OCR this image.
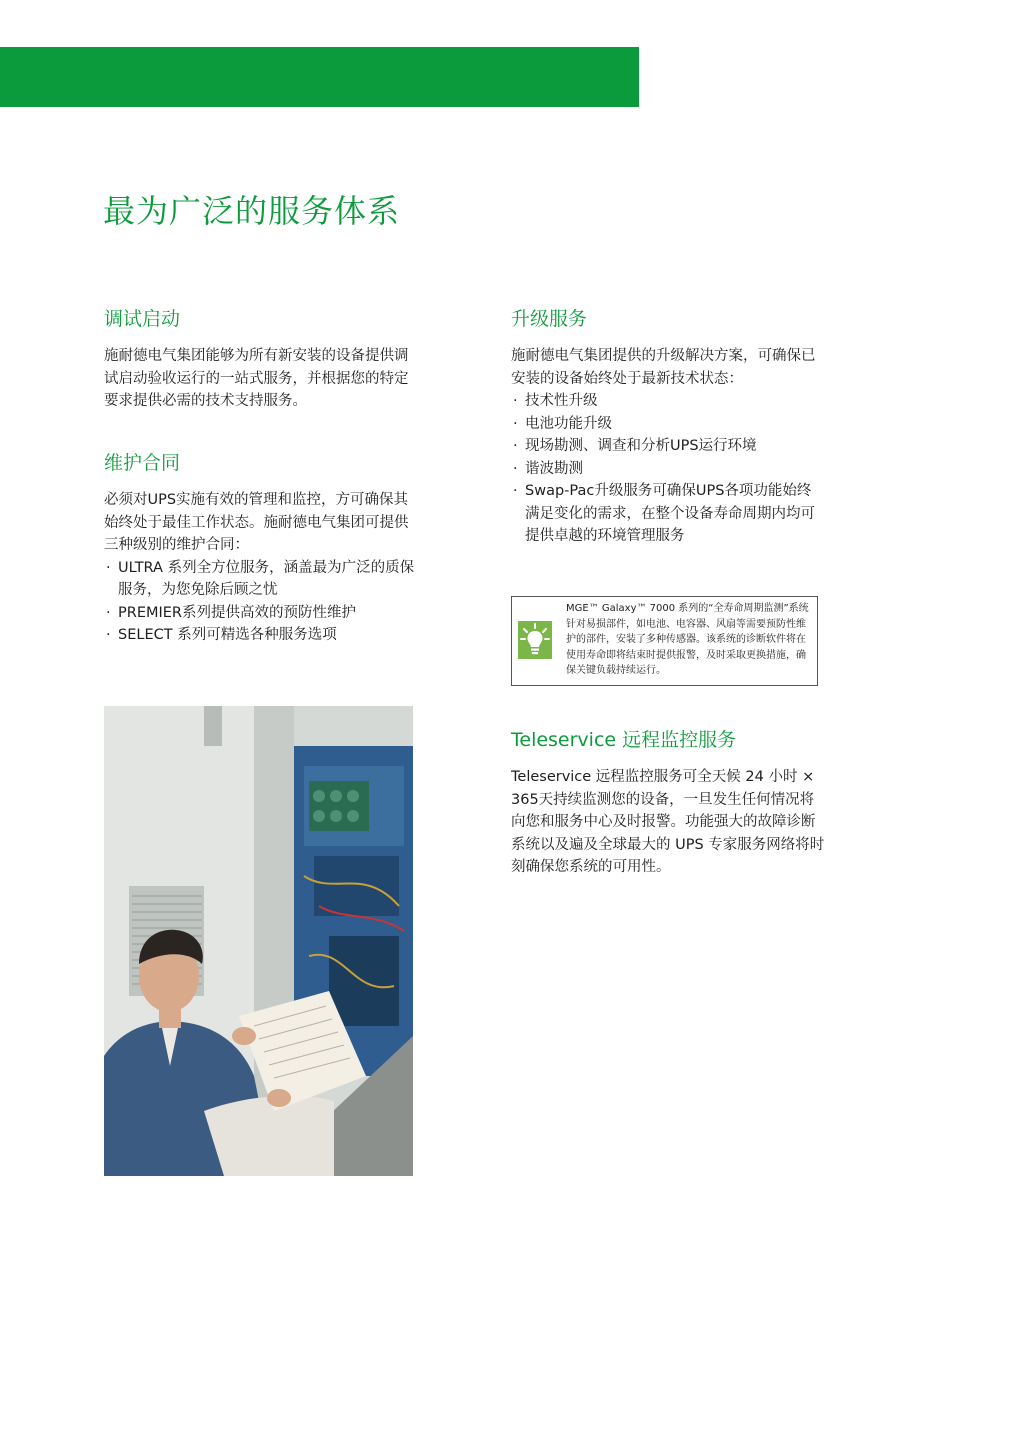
最为广泛的服务体系
调试启动

施耐德电气集团能够为所有新安装的设备提供调试启动验收运行的一站式服务，并根据您的特定要求提供必需的技术支持服务。

维护合同

必须对UPS实施有效的管理和监控，方可确保其始终处于最佳工作状态。施耐德电气集团可提供三种级别的维护合同：

· ULTRA 系列全方位服务，涵盖最为广泛的质保服务，为您免除后顾之忧
· PREMIER系列提供高效的预防性维护
· SELECT 系列可精选各种服务选项
升级服务

施耐德电气集团提供的升级解决方案，可确保已安装的设备始终处于最新技术状态：

· 技术性升级
· 电池功能升级
· 现场勘测、调查和分析UPS运行环境
· 谐波勘测
· Swap-Pac升级服务可确保UPS各项功能始终满足变化的需求，在整个设备寿命周期内均可提供卓越的环境管理服务
MGE™ Galaxy™ 7000 系列的“全寿命周期监测”系统针对易损部件，如电池、电容器、风扇等需要预防性维护的部件，安装了多种传感器。该系统的诊断软件将在使用寿命即将结束时提供报警，及时采取更换措施，确保关键负载持续运行。
Teleservice 远程监控服务

Teleservice 远程监控服务可全天候 24 小时 × 365天持续监测您的设备，一旦发生任何情况将向您和服务中心及时报警。功能强大的故障诊断系统以及遍及全球最大的 UPS 专家服务网络将时刻确保您系统的可用性。
